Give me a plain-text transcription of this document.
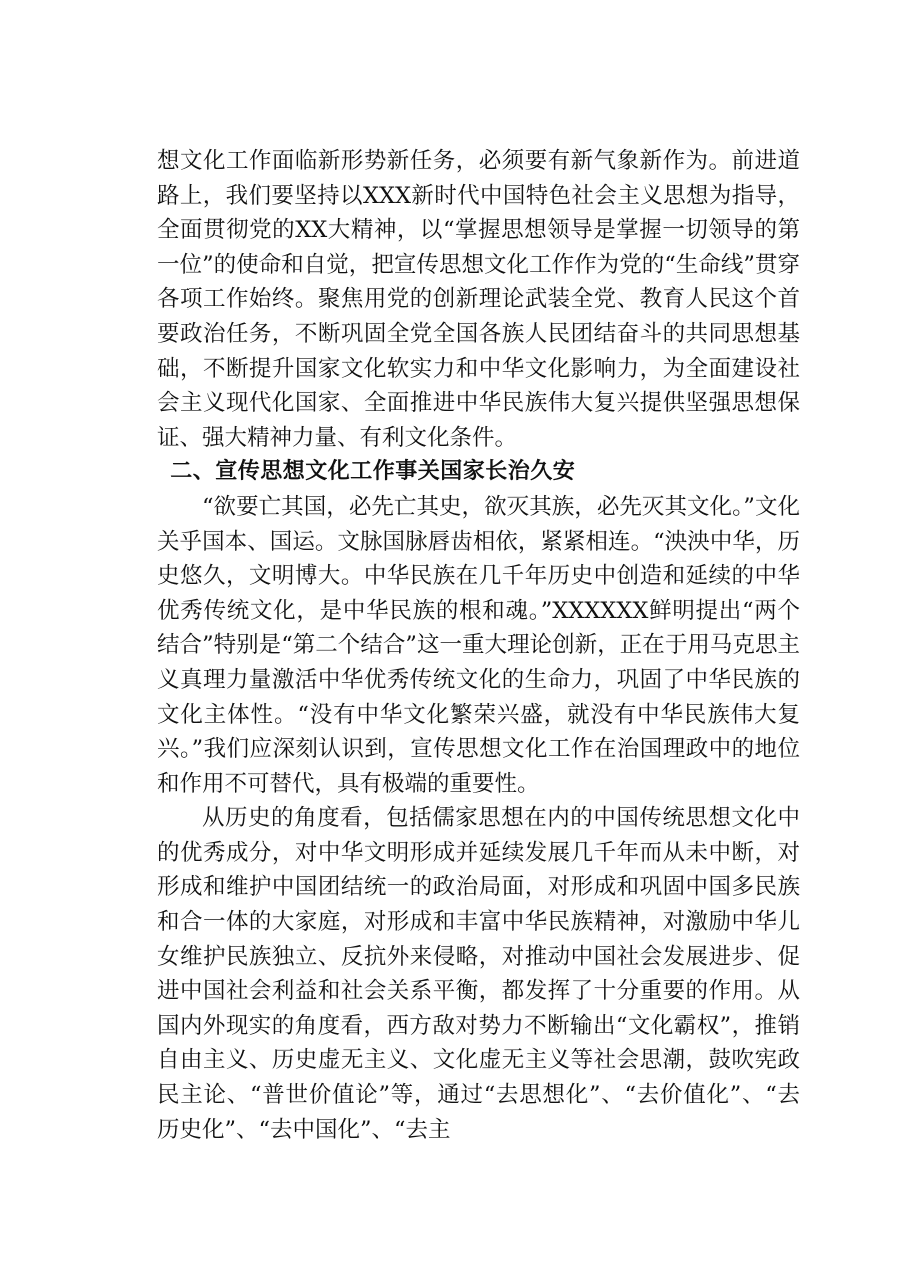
想文化工作面临新形势新任务，必须要有新气象新作为。前进道路上，我们要坚持以XXX新时代中国特色社会主义思想为指导，全面贯彻党的XX大精神，以“掌握思想领导是掌握一切领导的第一位”的使命和自觉，把宣传思想文化工作作为党的“生命线”贯穿各项工作始终。聚焦用党的创新理论武装全党、教育人民这个首要政治任务，不断巩固全党全国各族人民团结奋斗的共同思想基础，不断提升国家文化软实力和中华文化影响力，为全面建设社会主义现代化国家、全面推进中华民族伟大复兴提供坚强思想保证、强大精神力量、有利文化条件。

二、宣传思想文化工作事关国家长治久安

“欲要亡其国，必先亡其史，欲灭其族，必先灭其文化。”文化关乎国本、国运。文脉国脉唇齿相依，紧紧相连。“泱泱中华，历史悠久，文明博大。中华民族在几千年历史中创造和延续的中华优秀传统文化，是中华民族的根和魂。”XXXXXX鲜明提出“两个结合”特别是“第二个结合”这一重大理论创新，正在于用马克思主义真理力量激活中华优秀传统文化的生命力，巩固了中华民族的文化主体性。“没有中华文化繁荣兴盛，就没有中华民族伟大复兴。”我们应深刻认识到，宣传思想文化工作在治国理政中的地位和作用不可替代，具有极端的重要性。

从历史的角度看，包括儒家思想在内的中国传统思想文化中的优秀成分，对中华文明形成并延续发展几千年而从未中断，对形成和维护中国团结统一的政治局面，对形成和巩固中国多民族和合一体的大家庭，对形成和丰富中华民族精神，对激励中华儿女维护民族独立、反抗外来侵略，对推动中国社会发展进步、促进中国社会利益和社会关系平衡，都发挥了十分重要的作用。从国内外现实的角度看，西方敌对势力不断输出“文化霸权”，推销自由主义、历史虚无主义、文化虚无主义等社会思潮，鼓吹宪政民主论、“普世价值论”等，通过“去思想化”、“去价值化”、“去历史化”、“去中国化”、“去主
